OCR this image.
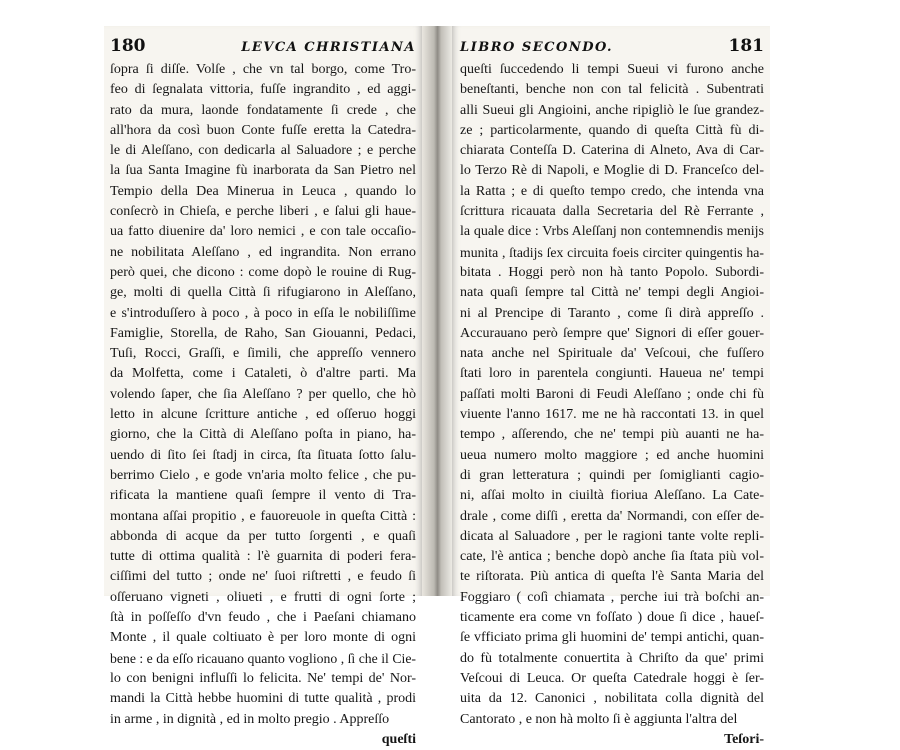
180	LEVCA CHRISTIANA
ſopra ſi diſſe. Volſe , che vn tal borgo, come Tro-
feo di ſegnalata vittoria, fuſſe ingrandito , ed aggi-
rato da mura, laonde fondatamente ſi crede , che
all'hora da così buon Conte fuſſe eretta la Catedra-
le di Aleſſano, con dedicarla al Saluadore ; e perche
la ſua Santa Imagine fù inarborata da San Pietro nel
Tempio della Dea Minerua in Leuca , quando lo
conſecrò in Chieſa, e perche liberi , e ſalui gli haue-
ua fatto diuenire da' loro nemici , e con tale occaſio-
ne nobilitata Aleſſano , ed ingrandita. Non errano
però quei, che dicono : come dopò le rouine di Rug-
ge, molti di quella Città ſi rifugiarono in Aleſſano,
e s'introduſſero à poco , à poco in eſſa le nobiliſſime
Famiglie, Storella, de Raho, San Giouanni, Pedaci,
Tuſi, Rocci, Graſſi, e ſimili, che appreſſo vennero
da Molfetta, come i Cataleti, ò d'altre parti. Ma
volendo ſaper, che ſia Aleſſano ? per quello, che hò
letto in alcune ſcritture antiche , ed oſſeruo hoggi
giorno, che la Città di Aleſſano poſta in piano, ha-
uendo di ſito ſei ſtadj in circa, ſta ſituata ſotto ſalu-
berrimo Cielo , e gode vn'aria molto felice , che pu-
rificata la mantiene quaſi ſempre il vento di Tra-
montana aſſai propitio , e fauoreuole in queſta Città :
abbonda di acque da per tutto ſorgenti , e quaſi
tutte di ottima qualità : l'è guarnita di poderi fera-
ciſſimi del tutto ; onde ne' ſuoi riſtretti , e feudo ſi
oſſeruano vigneti , oliueti , e frutti di ogni ſorte ;
ſtà in poſſeſſo d'vn feudo , che i Paeſani chiamano
Monte , il quale coltiuato è per loro monte di ogni
bene : e da eſſo ricauano quanto vogliono , ſì che il Cie-
lo con benigni influſſi lo felicita. Ne' tempi de' Nor-
mandi la Città hebbe huomini di tutte qualità , prodi
in arme , in dignità , ed in molto pregio . Appreſſo
queſti
LIBRO SECONDO.	181
queſti ſuccedendo li tempi Sueui vi furono anche
beneſtanti, benche non con tal felicità . Subentrati
alli Sueui gli Angioini, anche ripigliò le ſue grandez-
ze ; particolarmente, quando di queſta Città fù di-
chiarata Conteſſa D. Caterina di Alneto, Ava di Car-
lo Terzo Rè di Napoli, e Moglie di D. Franceſco del-
la Ratta ; e di queſto tempo credo, che intenda vna
ſcrittura ricauata dalla Secretaria del Rè Ferrante ,
la quale dice : Vrbs Aleſſanj non contemnendis menijs
munita , ſtadijs ſex circuita foeis circiter quingentis ha-
bitata . Hoggi però non hà tanto Popolo. Subordi-
nata quaſi ſempre tal Città ne' tempi degli Angioi-
ni al Prencipe di Taranto , come ſi dirà appreſſo .
Accurauano però ſempre que' Signori di eſſer gouer-
nata anche nel Spirituale da' Veſcoui, che fuſſero
ſtati loro in parentela congiunti. Haueua ne' tempi
paſſati molti Baroni di Feudi Aleſſano ; onde chi fù
viuente l'anno 1617. me ne hà raccontati 13. in quel
tempo , aſſerendo, che ne' tempi più auanti ne ha-
ueua numero molto maggiore ; ed anche huomini
di gran letteratura ; quindi per ſomiglianti cagio-
ni, aſſai molto in ciuiltà fioriua Aleſſano. La Cate-
drale , come diſſi , eretta da' Normandi, con eſſer de-
dicata al Saluadore , per le ragioni tante volte repli-
cate, l'è antica ; benche dopò anche ſia ſtata più vol-
te riſtorata. Più antica di queſta l'è Santa Maria del
Foggiaro ( coſì chiamata , perche iui trà boſchi an-
ticamente era come vn foſſato ) doue ſi dice , haueſ-
ſe vfficiato prima gli huomini de' tempi antichi, quan-
do fù totalmente conuertita à Chriſto da que' primi
Veſcoui di Leuca. Or queſta Catedrale hoggi è ſer-
uita da 12. Canonici , nobilitata colla dignità del
Cantorato , e non hà molto ſi è aggiunta l'altra del
Teſori-
